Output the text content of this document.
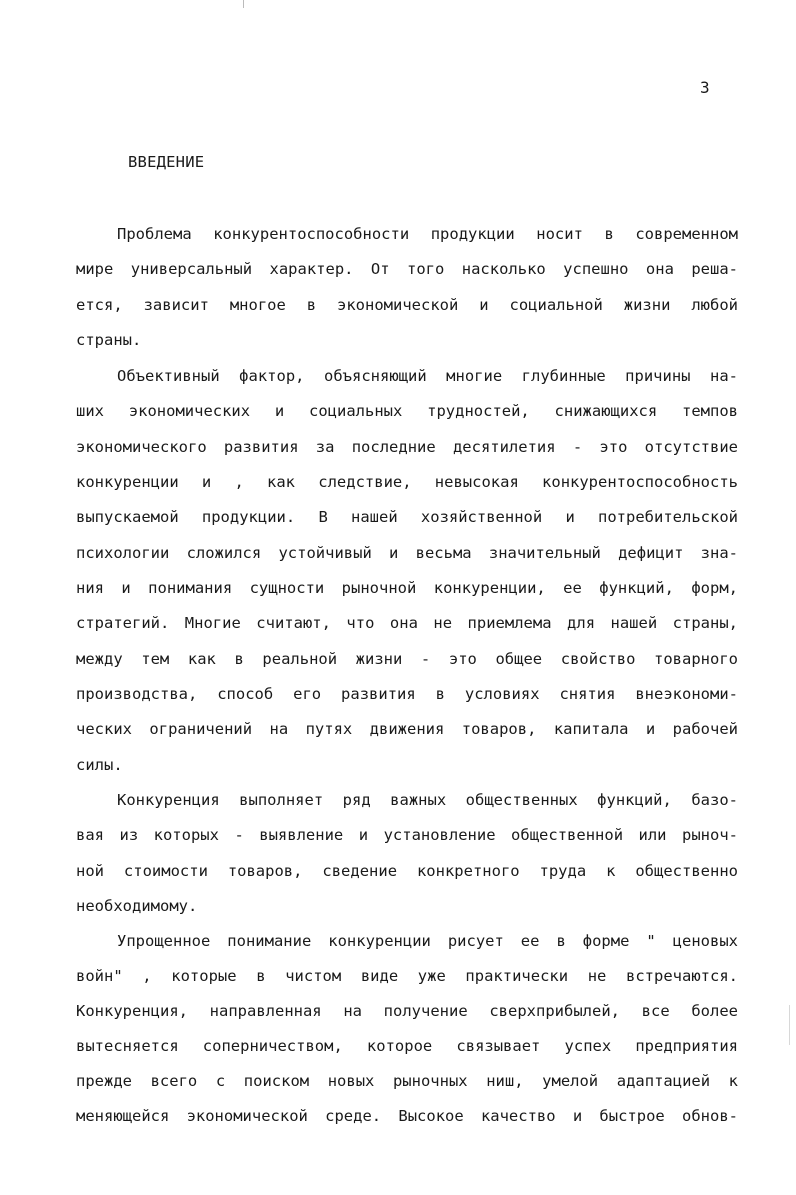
3
ВВЕДЕНИЕ
Проблема конкурентоспособности продукции носит в современном
мире универсальный характер. От того насколько успешно она реша-
ется, зависит многое в экономической и социальной жизни любой
страны.
Объективный фактор, объясняющий многие глубинные причины на-
ших экономических и социальных трудностей, снижающихся темпов
экономического развития за последние десятилетия - это отсутствие
конкуренции и , как следствие, невысокая конкурентоспособность
выпускаемой продукции. В нашей хозяйственной и потребительской
психологии сложился устойчивый и весьма значительный дефицит зна-
ния и понимания сущности рыночной конкуренции, ее функций, форм,
стратегий. Многие считают, что она не приемлема для нашей страны,
между тем как в реальной жизни - это общее свойство товарного
производства, способ его развития в условиях снятия внеэкономи-
ческих ограничений на путях движения товаров, капитала и рабочей
силы.
Конкуренция выполняет ряд важных общественных функций, базо-
вая из которых - выявление и установление общественной или рыноч-
ной стоимости товаров, сведение конкретного труда к общественно
необходимому.
Упрощенное понимание конкуренции рисует ее в форме " ценовых
войн" , которые в чистом виде уже практически не встречаются.
Конкуренция, направленная на получение сверхприбылей, все более
вытесняется соперничеством, которое связывает успех предприятия
прежде всего с поиском новых рыночных ниш, умелой адаптацией к
меняющейся экономической среде. Высокое качество и быстрое обнов-
